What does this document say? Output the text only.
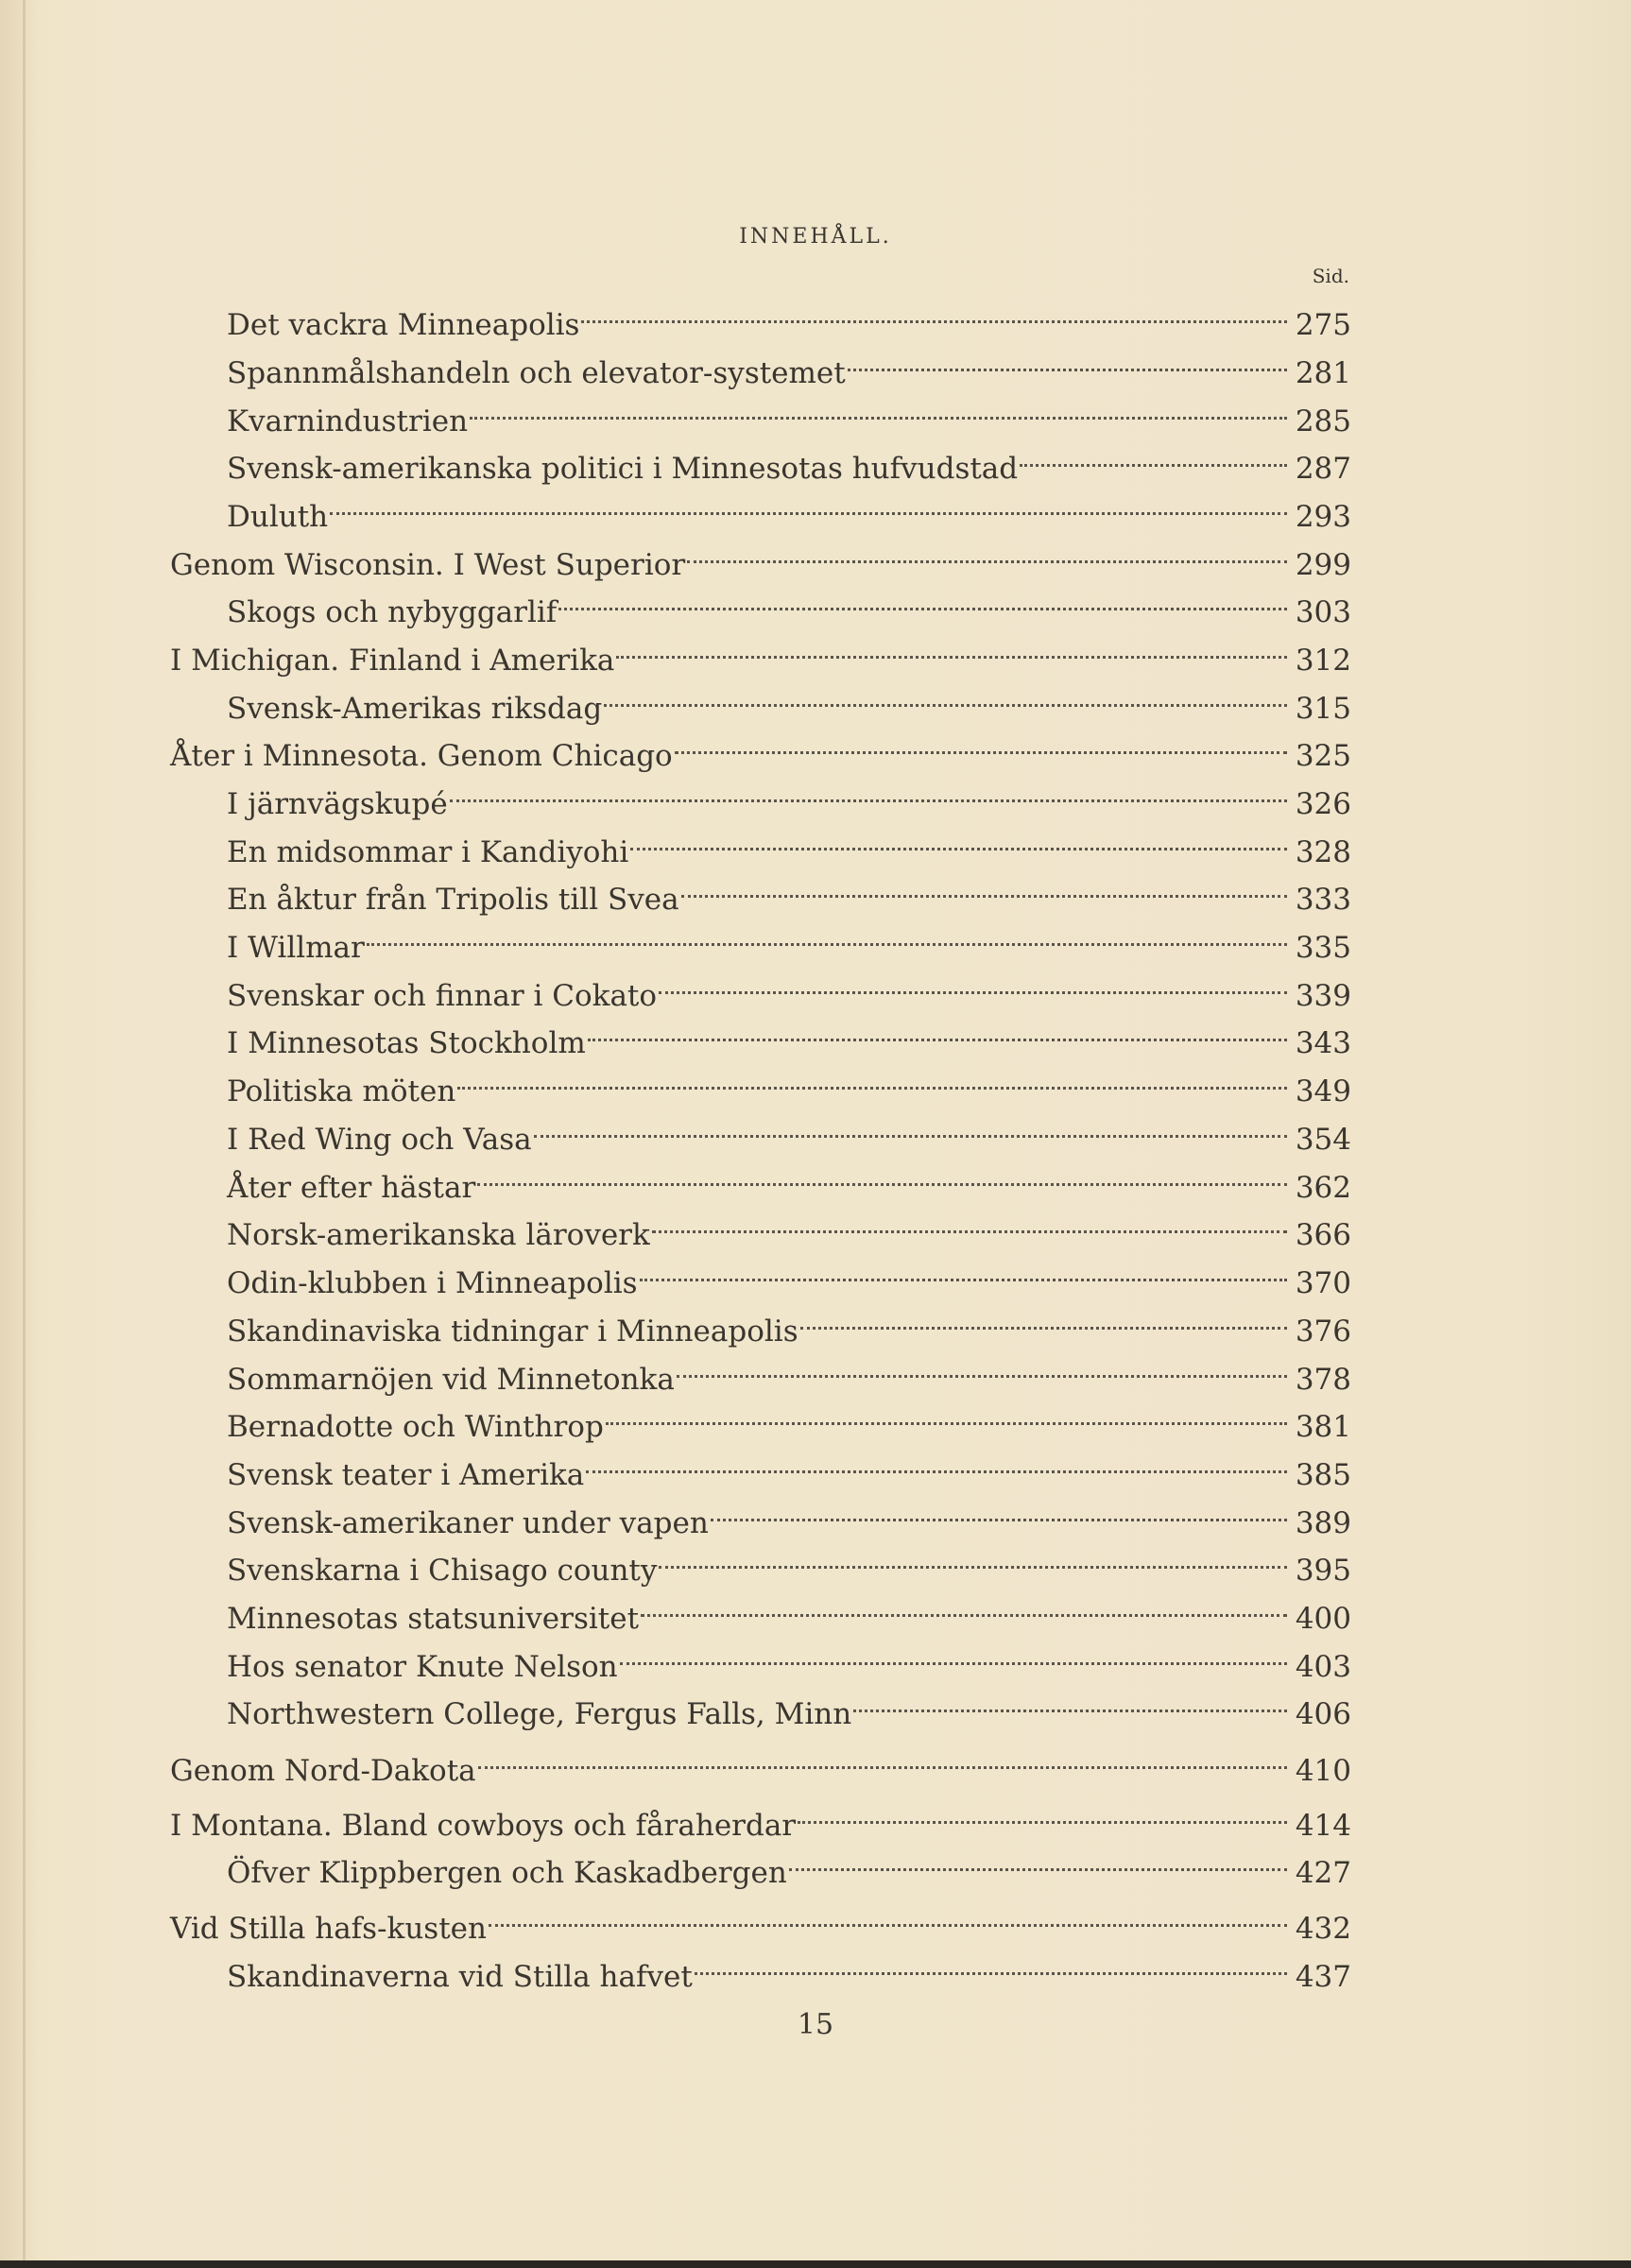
INNEHÅLL.
Sid.
Det vackra Minneapolis	275
Spannmålshandeln och elevator-systemet	281
Kvarnindustrien	285
Svensk-amerikanska politici i Minnesotas hufvudstad	287
Duluth	293
Genom Wisconsin. I West Superior	299
Skogs och nybyggarlif	303
I Michigan. Finland i Amerika	312
Svensk-Amerikas riksdag	315
Åter i Minnesota. Genom Chicago	325
I järnvägskupé	326
En midsommar i Kandiyohi	328
En åktur från Tripolis till Svea	333
I Willmar	335
Svenskar och finnar i Cokato	339
I Minnesotas Stockholm	343
Politiska möten	349
I Red Wing och Vasa	354
Åter efter hästar	362
Norsk-amerikanska läroverk	366
Odin-klubben i Minneapolis	370
Skandinaviska tidningar i Minneapolis	376
Sommarnöjen vid Minnetonka	378
Bernadotte och Winthrop	381
Svensk teater i Amerika	385
Svensk-amerikaner under vapen	389
Svenskarna i Chisago county	395
Minnesotas statsuniversitet	400
Hos senator Knute Nelson	403
Northwestern College, Fergus Falls, Minn	406
Genom Nord-Dakota	410
I Montana. Bland cowboys och fåraherdar	414
Öfver Klippbergen och Kaskadbergen	427
Vid Stilla hafs-kusten	432
Skandinaverna vid Stilla hafvet	437
15
